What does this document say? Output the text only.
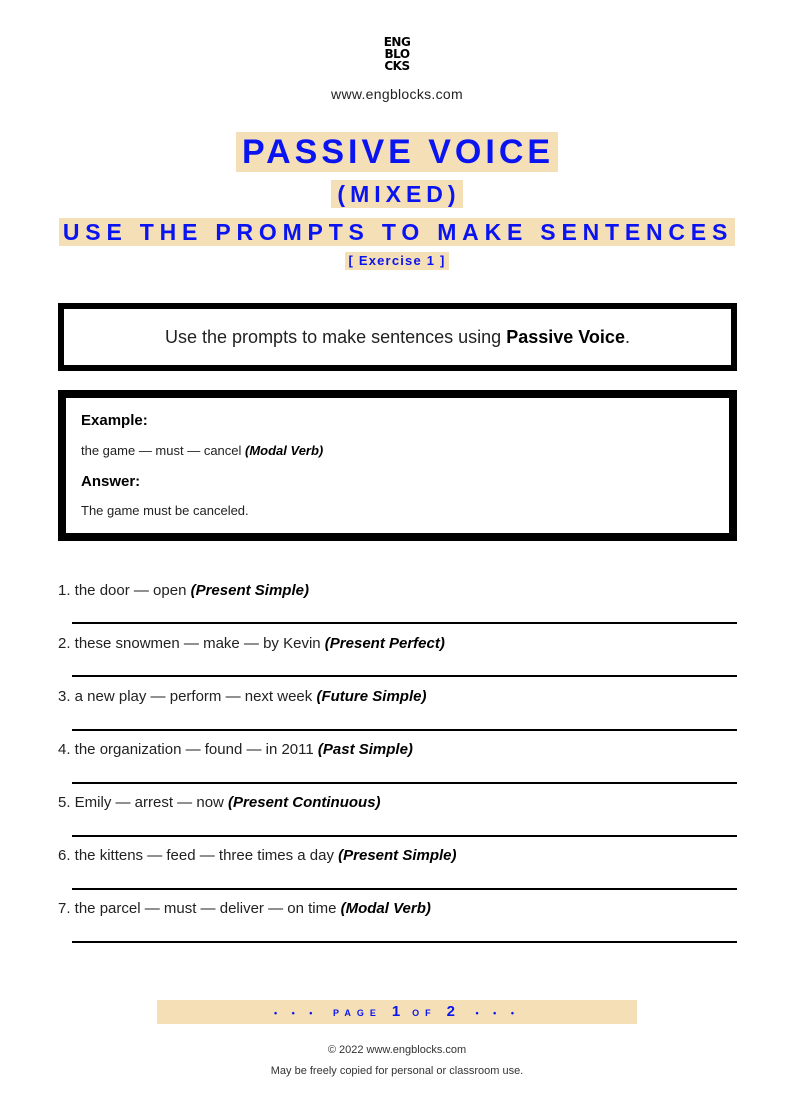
ENG
BLO
CKS
www.engblocks.com
PASSIVE VOICE
(MIXED)
USE THE PROMPTS TO MAKE SENTENCES
[ Exercise 1 ]
Use the prompts to make sentences using Passive Voice.
Example:
the game — must — cancel (Modal Verb)
Answer:
The game must be canceled.
1. the door — open (Present Simple)
2. these snowmen — make — by Kevin (Present Perfect)
3. a new play — perform — next week (Future Simple)
4. the organization — found — in 2011 (Past Simple)
5. Emily — arrest — now (Present Continuous)
6. the kittens — feed — three times a day (Present Simple)
7. the parcel — must — deliver — on time (Modal Verb)
• • • PAGE 1 OF 2 • • •
© 2022 www.engblocks.com
May be freely copied for personal or classroom use.
